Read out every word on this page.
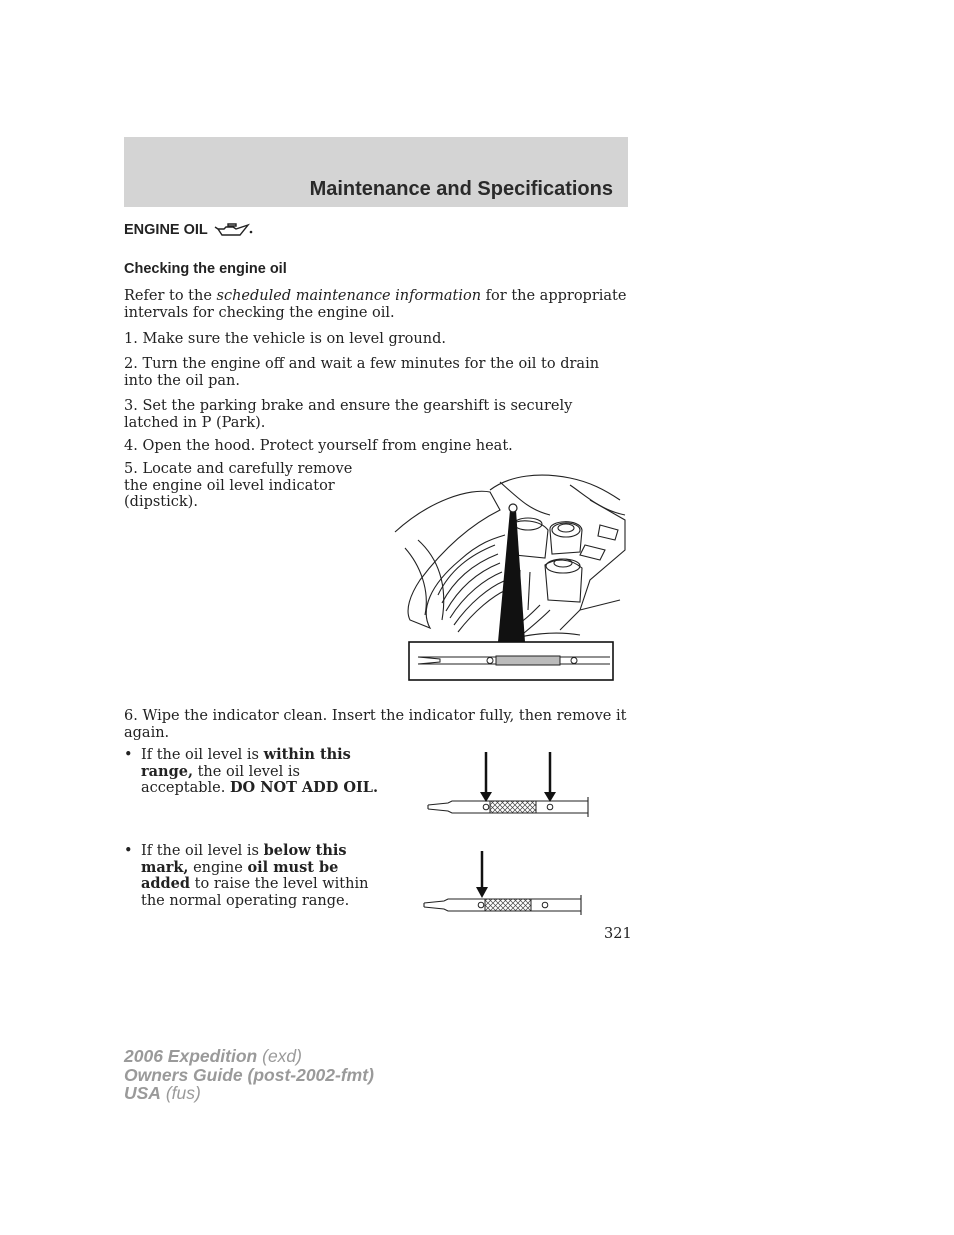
Maintenance and Specifications
ENGINE OIL
Checking the engine oil
Refer to the scheduled maintenance information for the appropriate intervals for checking the engine oil.
1. Make sure the vehicle is on level ground.
2. Turn the engine off and wait a few minutes for the oil to drain into the oil pan.
3. Set the parking brake and ensure the gearshift is securely latched in P (Park).
4. Open the hood. Protect yourself from engine heat.
5. Locate and carefully remove the engine oil level indicator (dipstick).
6. Wipe the indicator clean. Insert the indicator fully, then remove it again.
• If the oil level is within this range, the oil level is acceptable. DO NOT ADD OIL.
• If the oil level is below this mark, engine oil must be added to raise the level within the normal operating range.
321
2006 Expedition (exd)
Owners Guide (post-2002-fmt)
USA (fus)
